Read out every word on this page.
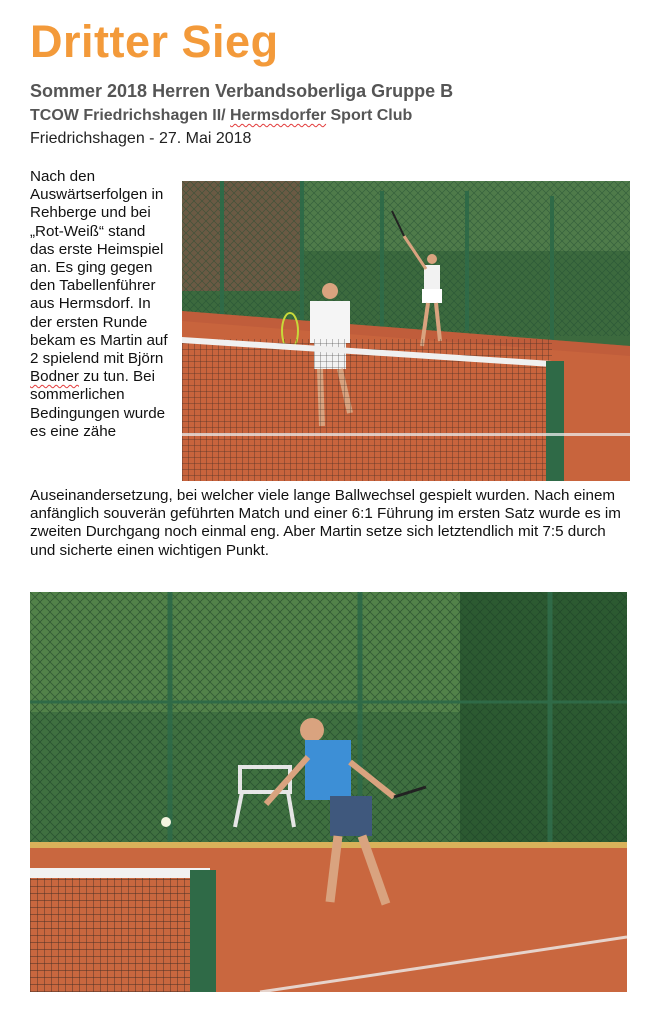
Dritter Sieg
Sommer 2018 Herren Verbandsoberliga Gruppe B
TCOW Friedrichshagen II/ Hermsdorfer Sport Club

Friedrichshagen - 27. Mai 2018

Nach den Auswärtserfolgen in Rehberge und bei „Rot-Weiß“ stand das erste Heimspiel an. Es ging gegen den Tabellenführer aus Hermsdorf. In der ersten Runde bekam es Martin auf 2 spielend mit Björn Bodner zu tun. Bei sommerlichen Bedingungen wurde es eine zähe Auseinandersetzung, bei welcher viele lange Ballwechsel gespielt wurden. Nach einem anfänglich souverän geführten Match und einer 6:1 Führung im ersten Satz wurde es im zweiten Durchgang noch einmal eng. Aber Martin setze sich letztendlich mit 7:5 durch und sicherte einen wichtigen Punkt.
